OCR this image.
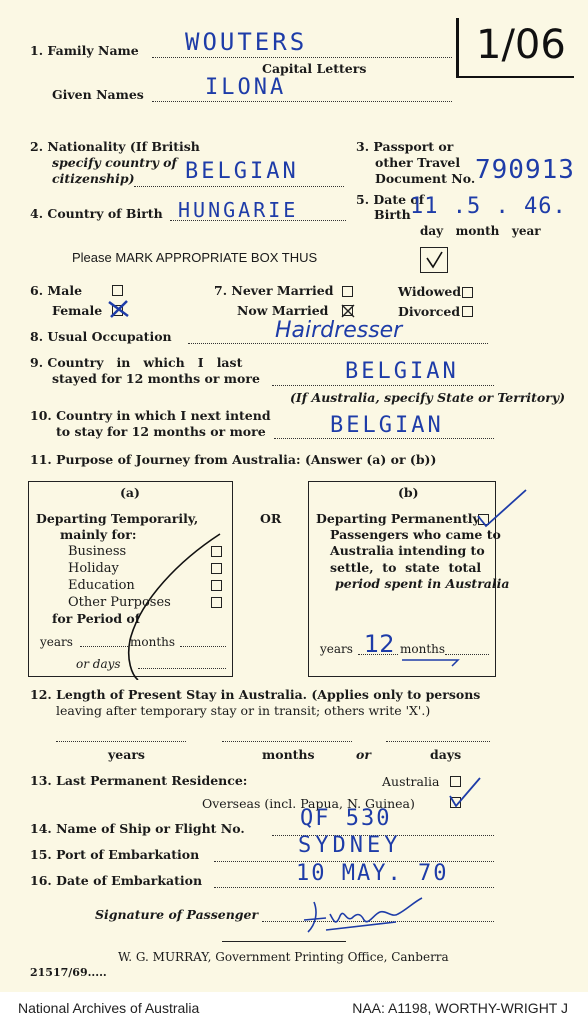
1. Family Name WOUTERS
Capital Letters
Given Names	ILONA
1/06
2. Nationality (If British
specify country of
citizenship) BELGIAN
3. Passport or
other Travel
Document No. 790913
4. Country of Birth HUNGARIE	5. Date of
Birth 11 .5 . 46.
day   month   year
Please MARK APPROPRIATE BOX THUS
6. Male
Female
7. Never Married
Now Married
Widowed
Divorced
8. Usual Occupation	Hairdresser
9. Country   in   which   I   last
stayed for 12 months or more	BELGIAN
(If Australia, specify State or Territory)
10. Country in which I next intend
to stay for 12 months or more	BELGIAN
11. Purpose of Journey from Australia: (Answer (a) or (b))
(a)
Departing Temporarily,
mainly for:
Business
Holiday
Education
Other Purposes
for Period of
years	months
or days
OR
(b)
Departing Permanently
Passengers who came to
Australia intending to
settle,  to  state  total
period spent in Australia
years 12 months
12. Length of Present Stay in Australia. (Applies only to persons
leaving after temporary stay or in transit; others write 'X'.)
years	months	or	days
13. Last Permanent Residence:	Australia
Overseas (incl. Papua, N. Guinea)
14. Name of Ship or Flight No.	QF 530
15. Port of Embarkation	SYDNEY
16. Date of Embarkation	10 MAY. 70
Signature of Passenger
W. G. MURRAY, Government Printing Office, Canberra
21517/69.....
National Archives of Australia	NAA: A1198, WORTHY-WRIGHT J
